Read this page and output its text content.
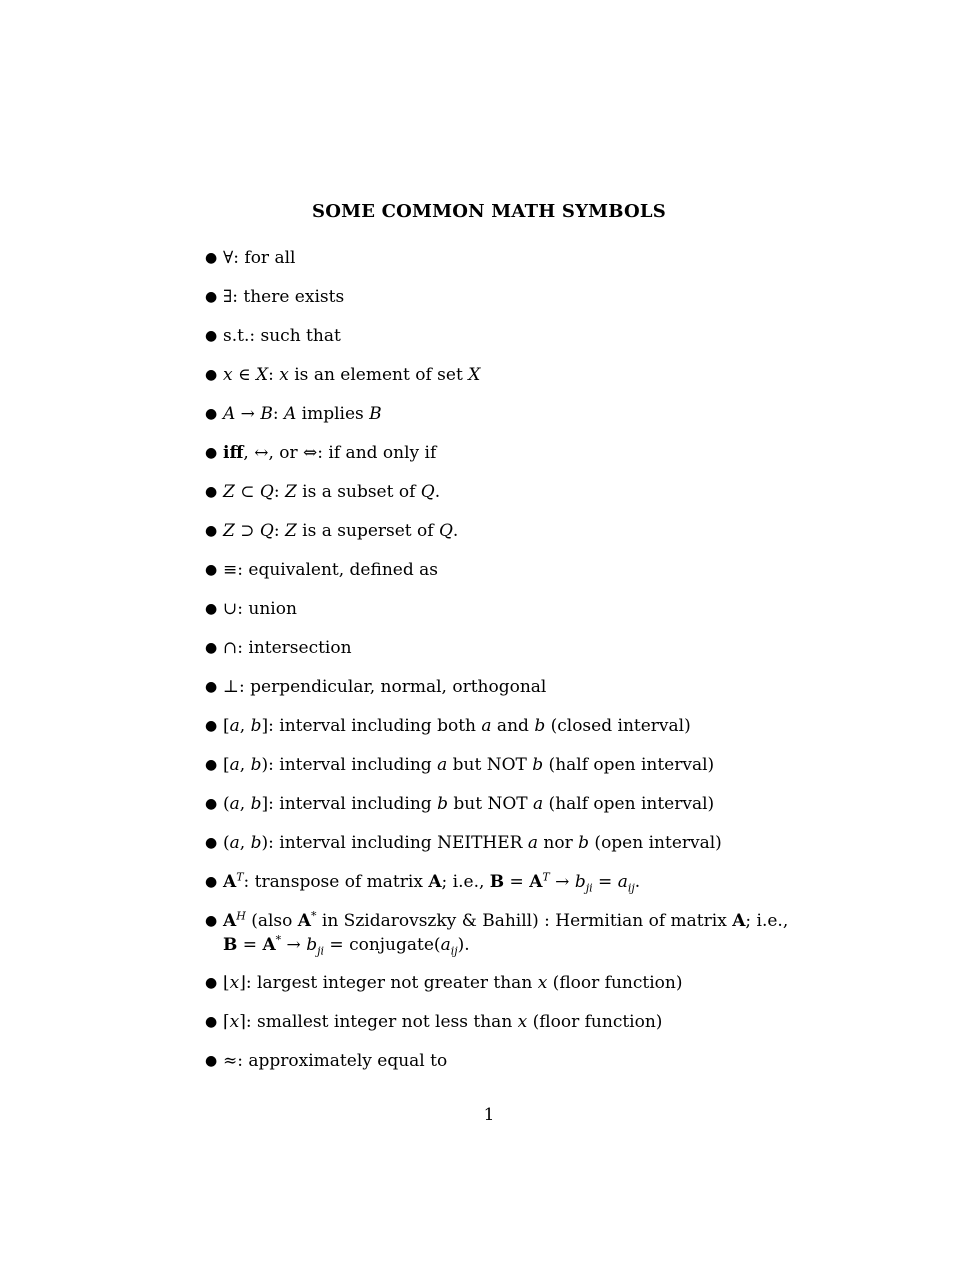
SOME COMMON MATH SYMBOLS
● ∀: for all
● ∃: there exists
● s.t.: such that
● x ∈ X: x is an element of set X
● A → B: A implies B
● iff, ↔, or ⇔: if and only if
● Z ⊂ Q: Z is a subset of Q.
● Z ⊃ Q: Z is a superset of Q.
● ≡: equivalent, defined as
● ∪: union
● ∩: intersection
● ⊥: perpendicular, normal, orthogonal
● [a, b]: interval including both a and b (closed interval)
● [a, b): interval including a but NOT b (half open interval)
● (a, b]: interval including b but NOT a (half open interval)
● (a, b): interval including NEITHER a nor b (open interval)
● $A^T$: transpose of matrix A; i.e., $B = A^T \to b_{ji} = a_{ij}$.
● $A^H$ (also A* in Szidarovszky & Bahill) : Hermitian of matrix A; i.e.,
$B = A^* \to b_{ji}$ = $conjugate(a_{ij})$.
● ⌊x⌋: largest integer not greater than x (floor function)
● ⌈x⌉: smallest integer not less than x (floor function)
● ≈: approximately equal to
1
